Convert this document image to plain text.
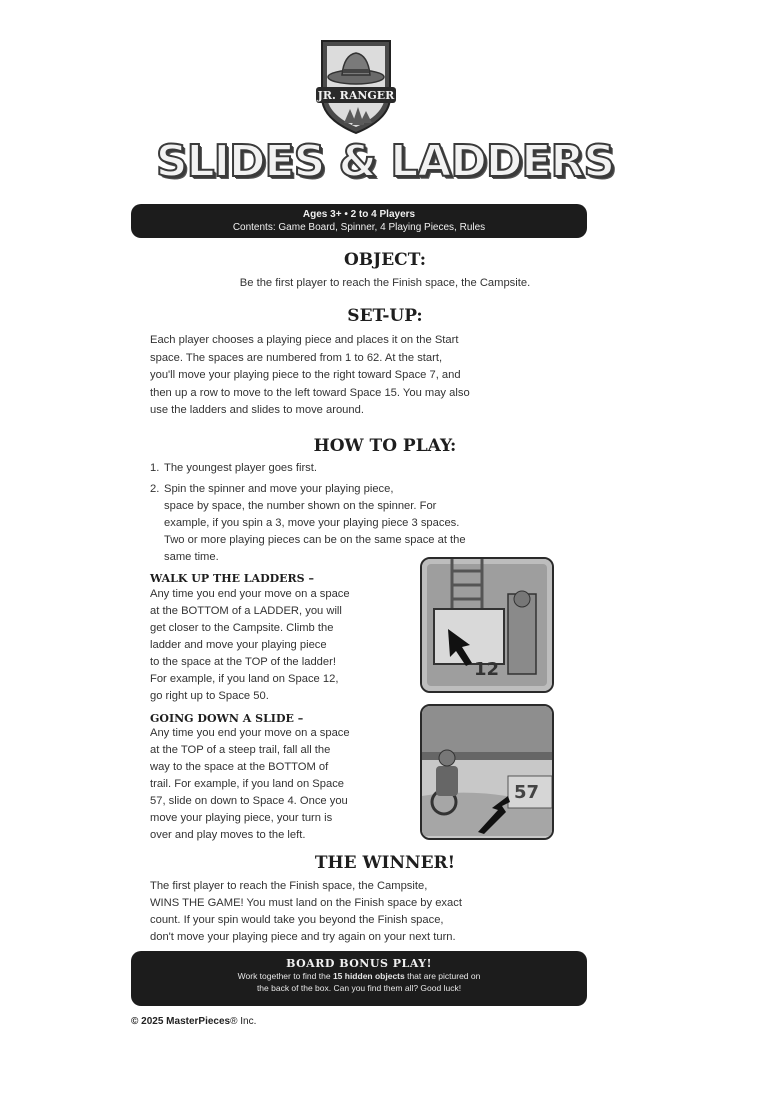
JR. RANGER
SLIDES & LADDERS
Ages 3+ • 2 to 4 Players
Contents: Game Board, Spinner, 4 Playing Pieces, Rules
OBJECT:
Be the first player to reach the Finish space, the Campsite.
SET-UP:
Each player chooses a playing piece and places it on the Start
space. The spaces are numbered from 1 to 62. At the start,
you'll move your playing piece to the right toward Space 7, and
then up a row to move to the left toward Space 15. You may also
use the ladders and slides to move around.
HOW TO PLAY:
1. The youngest player goes first.
2. Spin the spinner and move your playing piece,
space by space, the number shown on the spinner. For
example, if you spin a 3, move your playing piece 3 spaces.
Two or more playing pieces can be on the same space at the
same time.
WALK UP THE LADDERS –
Any time you end your move on a space
at the BOTTOM of a LADDER, you will
get closer to the Campsite. Climb the
ladder and move your playing piece
to the space at the TOP of the ladder!
For example, if you land on Space 12,
go right up to Space 50.
12
GOING DOWN A SLIDE –
Any time you end your move on a space
at the TOP of a steep trail, fall all the
way to the space at the BOTTOM of
trail. For example, if you land on Space
57, slide on down to Space 4. Once you
move your playing piece, your turn is
over and play moves to the left.
57
THE WINNER!
The first player to reach the Finish space, the Campsite,
WINS THE GAME! You must land on the Finish space by exact
count. If your spin would take you beyond the Finish space,
don't move your playing piece and try again on your next turn.
BOARD BONUS PLAY!
Work together to find the 15 hidden objects that are pictured on
the back of the box. Can you find them all? Good luck!
© 2025 MasterPieces® Inc.
